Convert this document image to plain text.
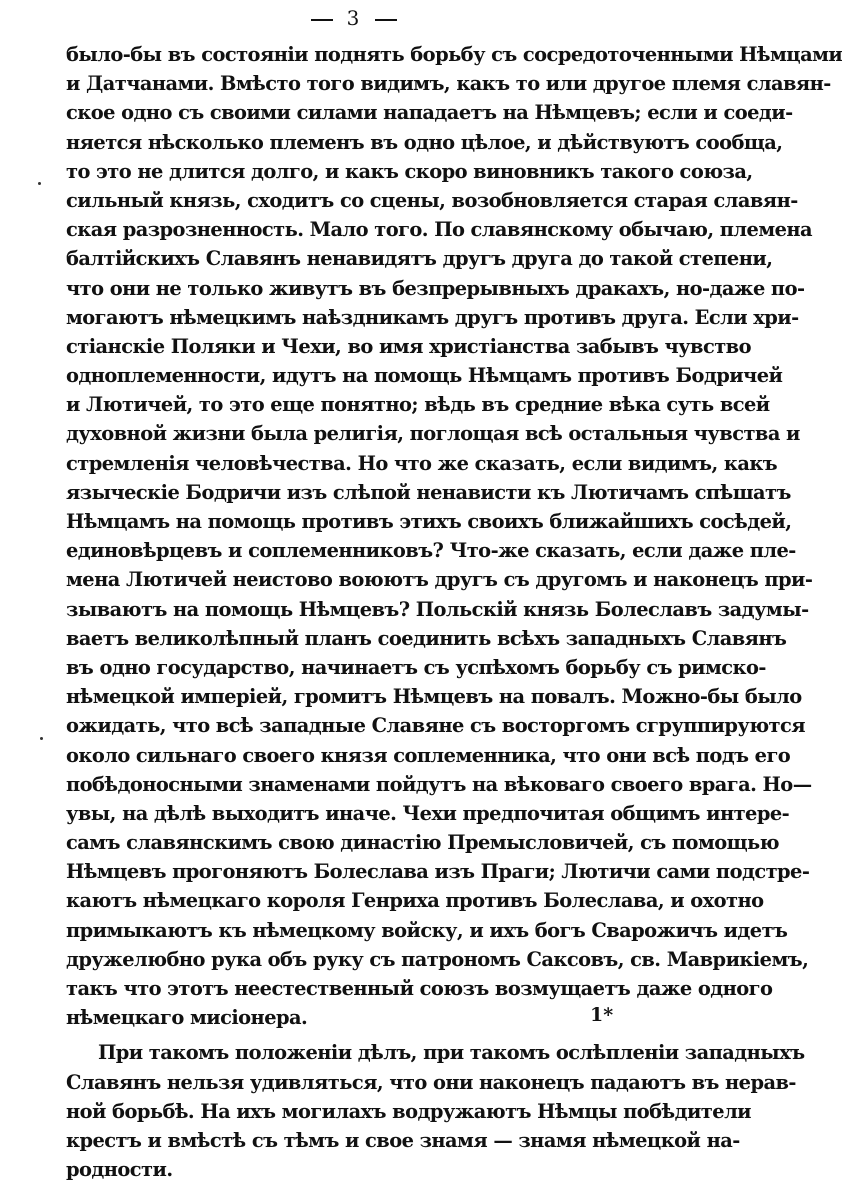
3
было-бы въ состоянiи поднять борьбу съ сосредоточенными Нѣмцами
и Датчанами. Вмѣсто того видимъ, какъ то или другое племя славян-
ское одно съ своими силами нападаетъ на Нѣмцевъ; если и соеди-
няется нѣсколько племенъ въ одно цѣлое, и дѣйствуютъ сообща,
то это не длится долго, и какъ скоро виновникъ такого союза,
сильный князь, сходитъ со сцены, возобновляется старая славян-
ская разрозненность. Мало того. По славянскому обычаю, племена
балтiйскихъ Славянъ ненавидятъ другъ друга до такой степени,
что они не только живутъ въ безпрерывныхъ дракахъ, но-даже по-
могаютъ нѣмецкимъ наѣздникамъ другъ противъ друга. Если хри-
стiанскiе Поляки и Чехи, во имя христiанства забывъ чувство
одноплеменности, идутъ на помощь Нѣмцамъ противъ Бодричей
и Лютичей, то это еще понятно; вѣдь въ средние вѣка суть всей
духовной жизни была религiя, поглощая всѣ остальныя чувства и
стремленiя человѣчества. Но что же сказать, если видимъ, какъ
языческiе Бодричи изъ слѣпой ненависти къ Лютичамъ спѣшатъ
Нѣмцамъ на помощь противъ этихъ своихъ ближайшихъ сосѣдей,
единовѣрцевъ и соплеменниковъ? Что-же сказать, если даже пле-
мена Лютичей неистово воюютъ другъ съ другомъ и наконецъ при-
зываютъ на помощь Нѣмцевъ? Польскiй князь Болеславъ задумы-
ваетъ великолѣпный планъ соединить всѣхъ западныхъ Славянъ
въ одно государство, начинаетъ съ успѣхомъ борьбу съ римско-
нѣмецкой имперiей, громитъ Нѣмцевъ на повалъ. Можно-бы было
ожидать, что всѣ западные Славяне съ восторгомъ сгруппируются
около сильнаго своего князя соплеменника, что они всѣ подъ его
побѣдоносными знаменами пойдутъ на вѣковаго своего врага. Но—
увы, на дѣлѣ выходитъ иначе. Чехи предпочитая общимъ интере-
самъ славянскимъ свою династiю Премысловичей, съ помощью
Нѣмцевъ прогоняютъ Болеслава изъ Праги; Лютичи сами подстре-
каютъ нѣмецкаго короля Генриха противъ Болеслава, и охотно
примыкаютъ къ нѣмецкому войску, и ихъ богъ Сварожичъ идетъ
дружелюбно рука объ руку съ патрономъ Саксовъ, св. Маврикiемъ,
такъ что этотъ неестественный союзъ возмущаетъ даже одного
нѣмецкаго мисiонера.
При такомъ положенiи дѣлъ, при такомъ ослѣпленiи западныхъ
Славянъ нельзя удивляться, что они наконецъ падаютъ въ нерав-
ной борьбѣ. На ихъ могилахъ водружаютъ Нѣмцы побѣдители
крестъ и вмѣстѣ съ тѣмъ и свое знамя — знамя нѣмецкой на-
родности.
1*
